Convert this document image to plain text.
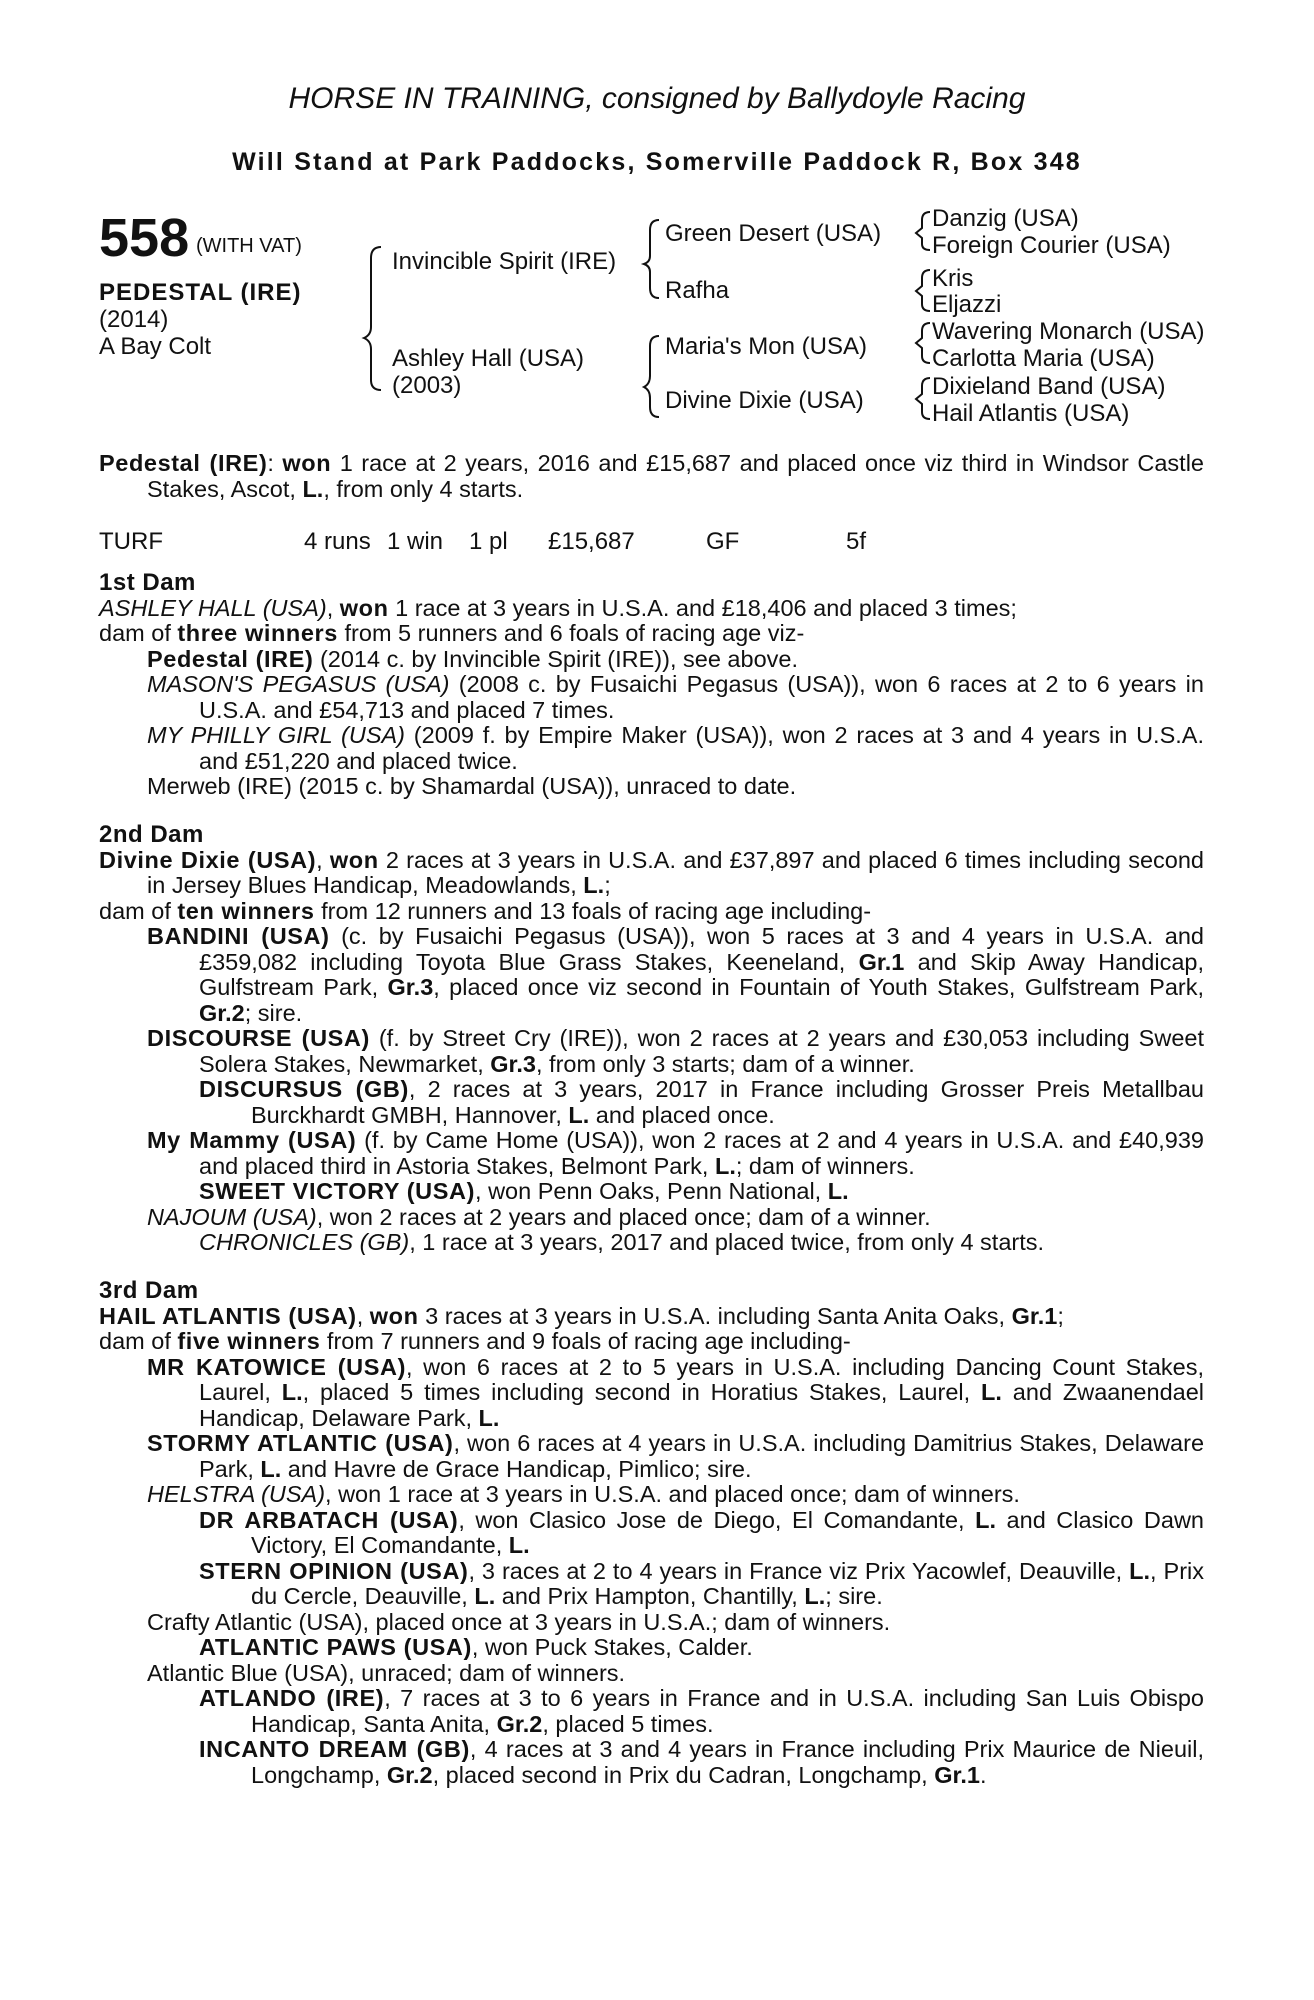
HORSE IN TRAINING, consigned by Ballydoyle Racing
Will Stand at Park Paddocks, Somerville Paddock R, Box 348
558 (WITH VAT)
PEDESTAL (IRE)
(2014)
A Bay Colt
Invincible Spirit (IRE)
Ashley Hall (USA)
(2003)
Green Desert (USA)
Rafha
Maria's Mon (USA)
Divine Dixie (USA)
Danzig (USA)
Foreign Courier (USA)
Kris
Eljazzi
Wavering Monarch (USA)
Carlotta Maria (USA)
Dixieland Band (USA)
Hail Atlantis (USA)

Pedestal (IRE): won 1 race at 2 years, 2016 and £15,687 and placed once viz third in Windsor Castle Stakes, Ascot, L., from only 4 starts.

TURF	4 runs 1 win 1 pl £15,687	GF	5f
1st Dam

ASHLEY HALL (USA), won 1 race at 3 years in U.S.A. and £18,406 and placed 3 times;

dam of three winners from 5 runners and 6 foals of racing age viz-

Pedestal (IRE) (2014 c. by Invincible Spirit (IRE)), see above.

MASON'S PEGASUS (USA) (2008 c. by Fusaichi Pegasus (USA)), won 6 races at 2 to 6 years in U.S.A. and £54,713 and placed 7 times.

MY PHILLY GIRL (USA) (2009 f. by Empire Maker (USA)), won 2 races at 3 and 4 years in U.S.A. and £51,220 and placed twice.

Merweb (IRE) (2015 c. by Shamardal (USA)), unraced to date.

2nd Dam

Divine Dixie (USA), won 2 races at 3 years in U.S.A. and £37,897 and placed 6 times including second in Jersey Blues Handicap, Meadowlands, L.;

dam of ten winners from 12 runners and 13 foals of racing age including-

BANDINI (USA) (c. by Fusaichi Pegasus (USA)), won 5 races at 3 and 4 years in U.S.A. and £359,082 including Toyota Blue Grass Stakes, Keeneland, Gr.1 and Skip Away Handicap, Gulfstream Park, Gr.3, placed once viz second in Fountain of Youth Stakes, Gulfstream Park, Gr.2; sire.

DISCOURSE (USA) (f. by Street Cry (IRE)), won 2 races at 2 years and £30,053 including Sweet Solera Stakes, Newmarket, Gr.3, from only 3 starts; dam of a winner.

DISCURSUS (GB), 2 races at 3 years, 2017 in France including Grosser Preis Metallbau Burckhardt GMBH, Hannover, L. and placed once.

My Mammy (USA) (f. by Came Home (USA)), won 2 races at 2 and 4 years in U.S.A. and £40,939 and placed third in Astoria Stakes, Belmont Park, L.; dam of winners.

SWEET VICTORY (USA), won Penn Oaks, Penn National, L.

NAJOUM (USA), won 2 races at 2 years and placed once; dam of a winner.

CHRONICLES (GB), 1 race at 3 years, 2017 and placed twice, from only 4 starts.

3rd Dam

HAIL ATLANTIS (USA), won 3 races at 3 years in U.S.A. including Santa Anita Oaks, Gr.1;

dam of five winners from 7 runners and 9 foals of racing age including-

MR KATOWICE (USA), won 6 races at 2 to 5 years in U.S.A. including Dancing Count Stakes, Laurel, L., placed 5 times including second in Horatius Stakes, Laurel, L. and Zwaanendael Handicap, Delaware Park, L.

STORMY ATLANTIC (USA), won 6 races at 4 years in U.S.A. including Damitrius Stakes, Delaware Park, L. and Havre de Grace Handicap, Pimlico; sire.

HELSTRA (USA), won 1 race at 3 years in U.S.A. and placed once; dam of winners.

DR ARBATACH (USA), won Clasico Jose de Diego, El Comandante, L. and Clasico Dawn Victory, El Comandante, L.

STERN OPINION (USA), 3 races at 2 to 4 years in France viz Prix Yacowlef, Deauville, L., Prix du Cercle, Deauville, L. and Prix Hampton, Chantilly, L.; sire.

Crafty Atlantic (USA), placed once at 3 years in U.S.A.; dam of winners.

ATLANTIC PAWS (USA), won Puck Stakes, Calder.

Atlantic Blue (USA), unraced; dam of winners.

ATLANDO (IRE), 7 races at 3 to 6 years in France and in U.S.A. including San Luis Obispo Handicap, Santa Anita, Gr.2, placed 5 times.

INCANTO DREAM (GB), 4 races at 3 and 4 years in France including Prix Maurice de Nieuil, Longchamp, Gr.2, placed second in Prix du Cadran, Longchamp, Gr.1.
